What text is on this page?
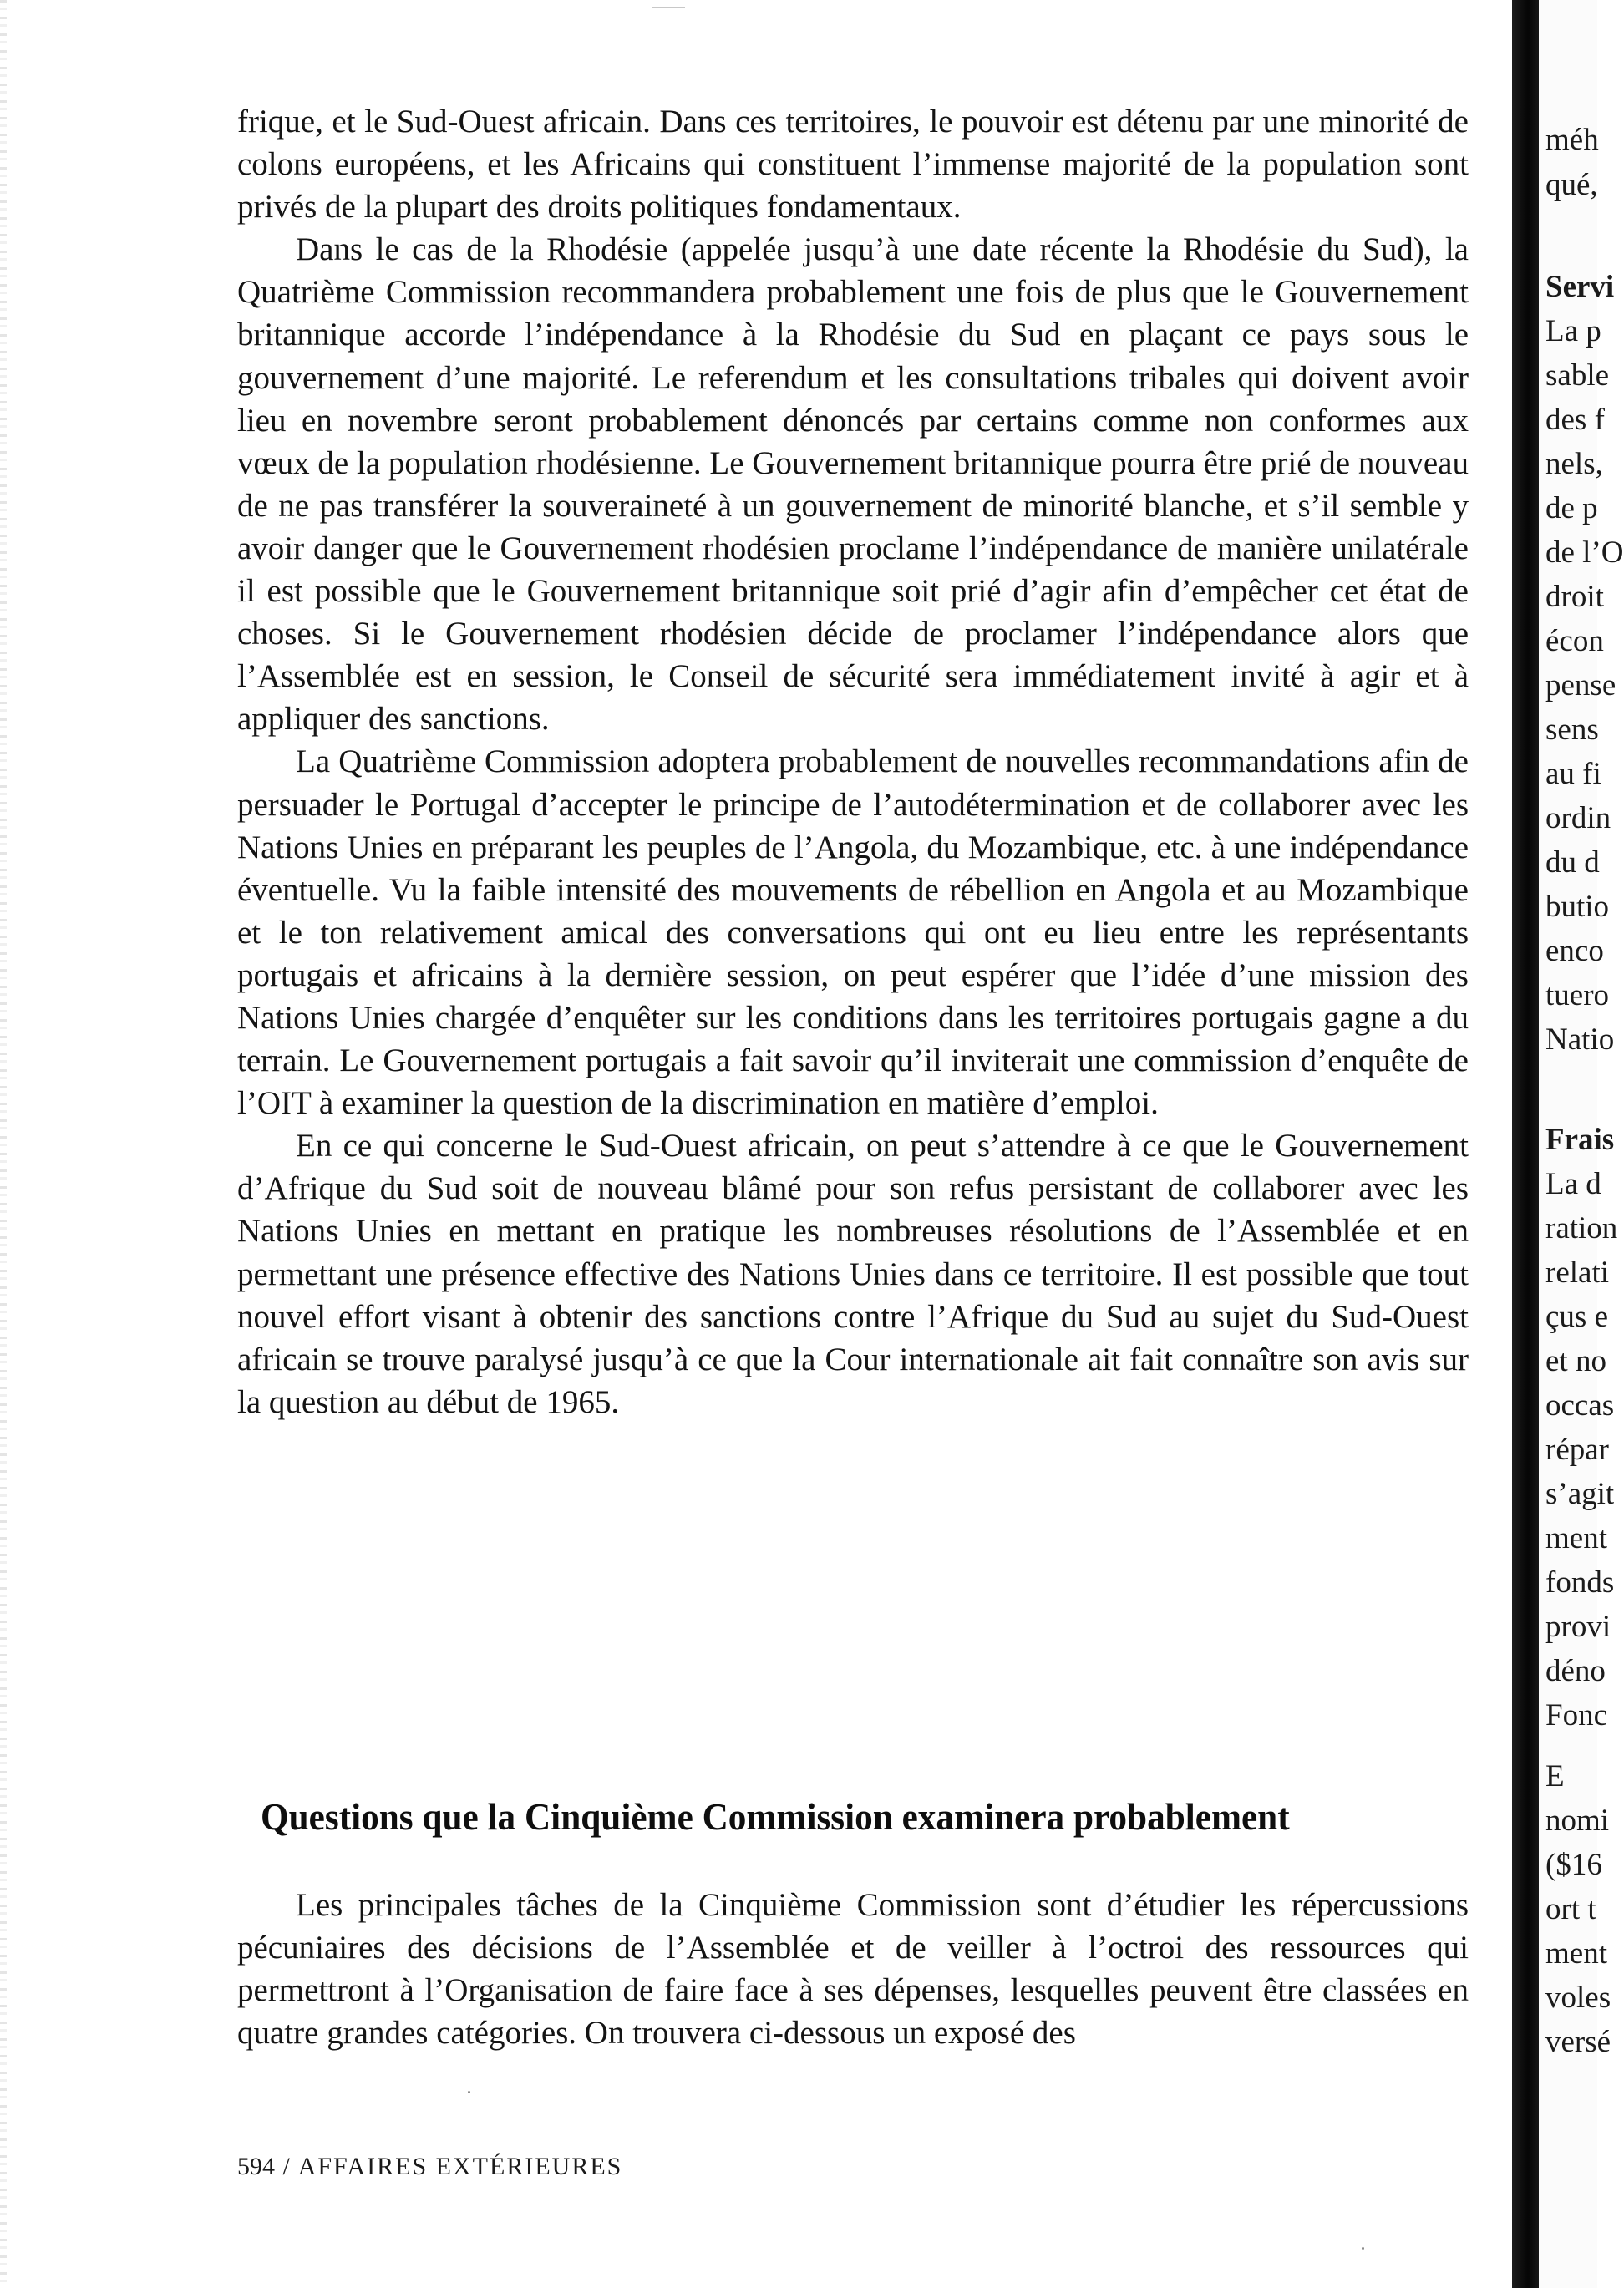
frique, et le Sud-Ouest africain. Dans ces territoires, le pouvoir est détenu par une minorité de colons européens, et les Africains qui constituent l’immense majorité de la population sont privés de la plupart des droits politiques fondamentaux.

Dans le cas de la Rhodésie (appelée jusqu’à une date récente la Rhodésie du Sud), la Quatrième Commission recommandera probablement une fois de plus que le Gouvernement britannique accorde l’indépendance à la Rhodésie du Sud en plaçant ce pays sous le gouvernement d’une majorité. Le referendum et les consultations tribales qui doivent avoir lieu en novembre seront probablement dénoncés par certains comme non conformes aux vœux de la population rhodésienne. Le Gouvernement britannique pourra être prié de nouveau de ne pas transférer la souveraineté à un gouvernement de minorité blanche, et s’il semble y avoir danger que le Gouvernement rhodésien proclame l’indépendance de manière unilatérale il est possible que le Gouvernement britannique soit prié d’agir afin d’empêcher cet état de choses. Si le Gouvernement rhodésien décide de proclamer l’indépendance alors que l’Assemblée est en session, le Conseil de sécurité sera immédiatement invité à agir et à appliquer des sanctions.

La Quatrième Commission adoptera probablement de nouvelles recommandations afin de persuader le Portugal d’accepter le principe de l’autodétermination et de collaborer avec les Nations Unies en préparant les peuples de l’Angola, du Mozambique, etc. à une indépendance éventuelle. Vu la faible intensité des mouvements de rébellion en Angola et au Mozambique et le ton relativement amical des conversations qui ont eu lieu entre les représentants portugais et africains à la dernière session, on peut espérer que l’idée d’une mission des Nations Unies chargée d’enquêter sur les conditions dans les territoires portugais gagne a du terrain. Le Gouvernement portugais a fait savoir qu’il inviterait une commission d’enquête de l’OIT à examiner la question de la discrimination en matière d’emploi.

En ce qui concerne le Sud-Ouest africain, on peut s’attendre à ce que le Gouvernement d’Afrique du Sud soit de nouveau blâmé pour son refus persistant de collaborer avec les Nations Unies en mettant en pratique les nombreuses résolutions de l’Assemblée et en permettant une présence effective des Nations Unies dans ce territoire. Il est possible que tout nouvel effort visant à obtenir des sanctions contre l’Afrique du Sud au sujet du Sud-Ouest africain se trouve paralysé jusqu’à ce que la Cour internationale ait fait connaître son avis sur la question au début de 1965.

Questions que la Cinquième Commission examinera probablement

Les principales tâches de la Cinquième Commission sont d’étudier les répercussions pécuniaires des décisions de l’Assemblée et de veiller à l’octroi des ressources qui permettront à l’Organisation de faire face à ses dépenses, lesquelles peuvent être classées en quatre grandes catégories. On trouvera ci-dessous un exposé des

594 / AFFAIRES EXTÉRIEURES

méh

qué,

Servi

La p

sable

des f

nels,

de p

de l’O

droit

écon

pense

sens

au fi

ordin

du d

butio

enco

tuero

Natio

Frais

La d

ration

relati

çus e

et no

occas

répar

s’agit

ment

fonds

provi

déno

Fonc

E

nomi

($16

ort t

ment

voles

versé
